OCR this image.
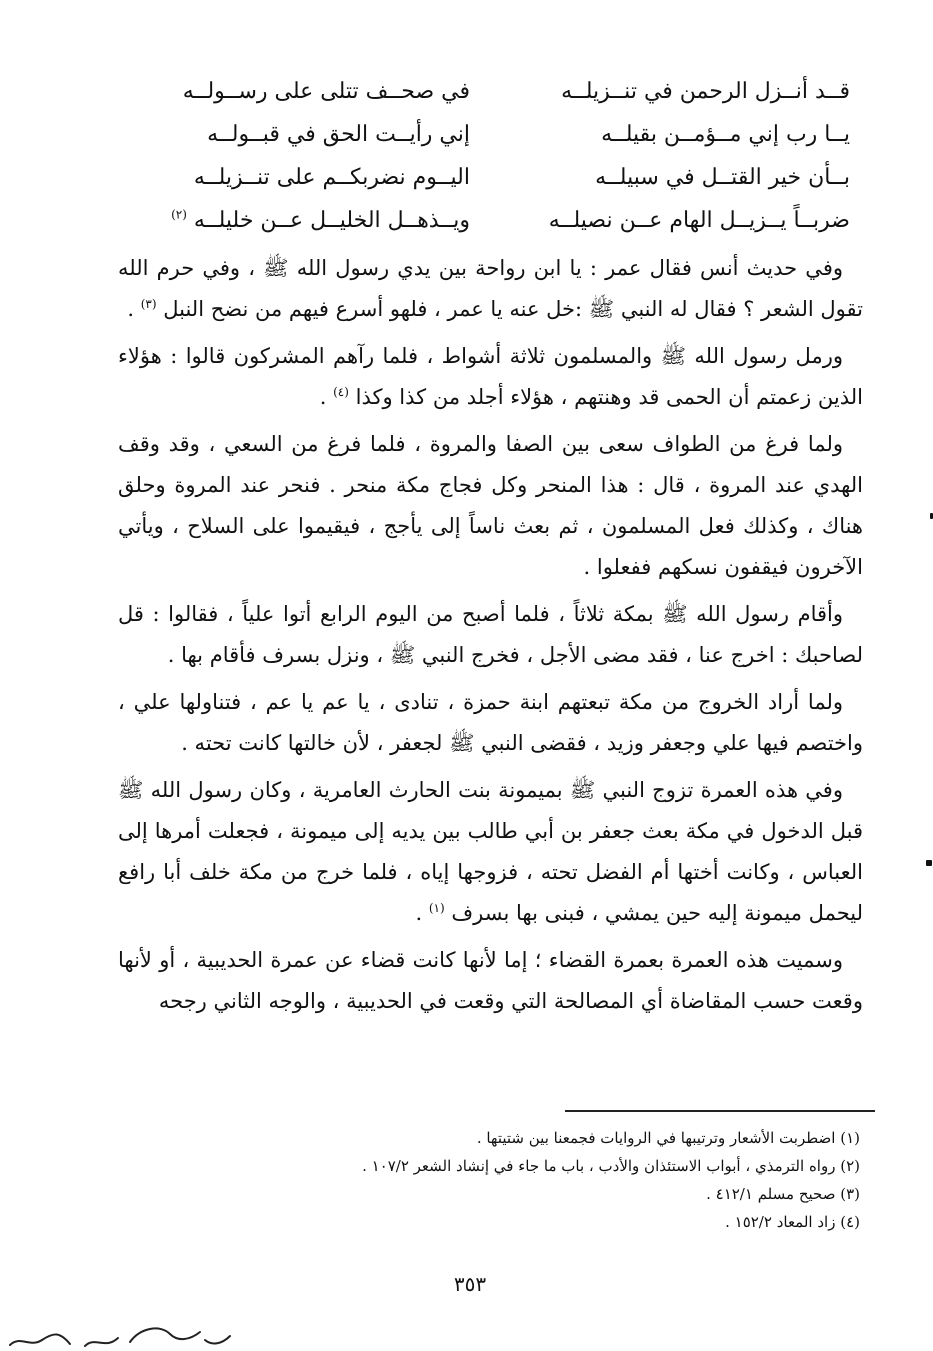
قــد أنــزل الرحمن في تنــزيلــه
في صحــف تتلى على رســولــه
يــا رب إني مــؤمــن بقيلــه
إني رأيــت الحق في قبــولــه
بــأن خير القتــل في سبيلــه
اليــوم نضربكــم على تنــزيلــه
ضربــاً يــزيــل الهام عــن نصيلــه
ويــذهــل الخليــل عــن خليلــه $^{(٢)}$

وفي حديث أنس فقال عمر : يا ابن رواحة بين يدي رسول الله ﷺ ، وفي حرم الله تقول الشعر ؟ فقال له النبي ﷺ :خل عنه يا عمر ، فلهو أسرع فيهم من نضح النبل $^{(٣)}$ .

ورمل رسول الله ﷺ والمسلمون ثلاثة أشواط ، فلما رآهم المشركون قالوا : هؤلاء الذين زعمتم أن الحمى قد وهنتهم ، هؤلاء أجلد من كذا وكذا $^{(٤)}$ .

ولما فرغ من الطواف سعى بين الصفا والمروة ، فلما فرغ من السعي ، وقد وقف الهدي عند المروة ، قال : هذا المنحر وكل فجاج مكة منحر . فنحر عند المروة وحلق هناك ، وكذلك فعل المسلمون ، ثم بعث ناساً إلى يأجج ، فيقيموا على السلاح ، ويأتي الآخرون فيقفون نسكهم ففعلوا .

وأقام رسول الله ﷺ بمكة ثلاثاً ، فلما أصبح من اليوم الرابع أتوا علياً ، فقالوا : قل لصاحبك : اخرج عنا ، فقد مضى الأجل ، فخرج النبي ﷺ ، ونزل بسرف فأقام بها .

ولما أراد الخروج من مكة تبعتهم ابنة حمزة ، تنادى ، يا عم يا عم ، فتناولها علي ، واختصم فيها علي وجعفر وزيد ، فقضى النبي ﷺ لجعفر ، لأن خالتها كانت تحته .

وفي هذه العمرة تزوج النبي ﷺ بميمونة بنت الحارث العامرية ، وكان رسول الله ﷺ قبل الدخول في مكة بعث جعفر بن أبي طالب بين يديه إلى ميمونة ، فجعلت أمرها إلى العباس ، وكانت أختها أم الفضل تحته ، فزوجها إياه ، فلما خرج من مكة خلف أبا رافع ليحمل ميمونة إليه حين يمشي ، فبنى بها بسرف $^{(١)}$ .

وسميت هذه العمرة بعمرة القضاء ؛ إما لأنها كانت قضاء عن عمرة الحديبية ، أو لأنها وقعت حسب المقاضاة أي المصالحة التي وقعت في الحديبية ، والوجه الثاني رجحه

(١) اضطربت الأشعار وترتيبها في الروايات فجمعنا بين شتيتها .
(٢) رواه الترمذي ، أبواب الاستئذان والأدب ، باب ما جاء في إنشاد الشعر ١٠٧/٢ .
(٣) صحيح مسلم ٤١٢/١ .
(٤) زاد المعاد ١٥٢/٢ .
٣٥٣
